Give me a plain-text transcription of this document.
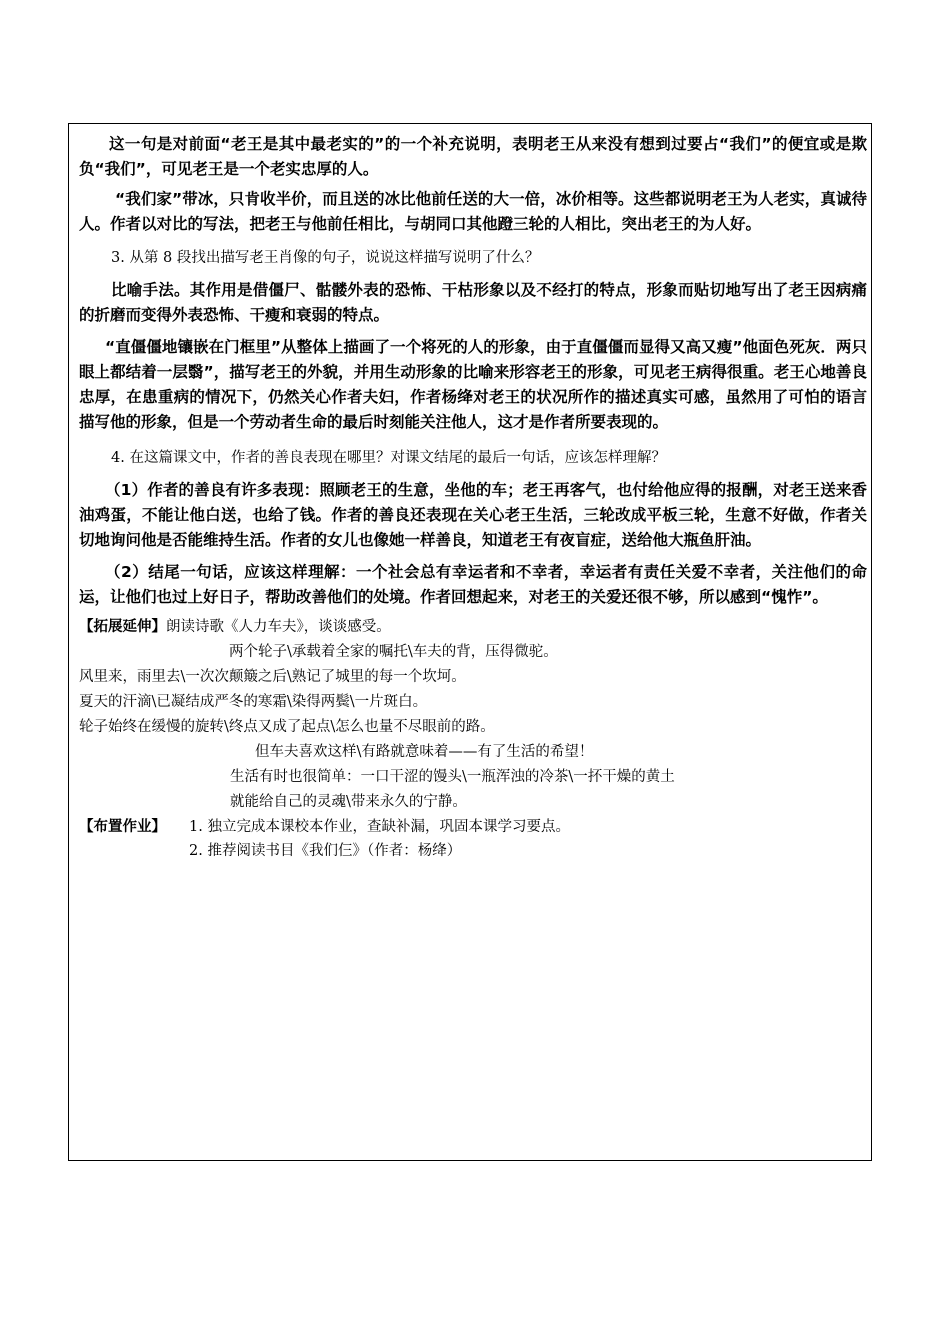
这一句是对前面“老王是其中最老实的”的一个补充说明，表明老王从来没有想到过要占“我们”的便宜或是欺负“我们”，可见老王是一个老实忠厚的人。

“我们家”带冰，只肯收半价，而且送的冰比他前任送的大一倍，冰价相等。这些都说明老王为人老实，真诚待人。作者以对比的写法，把老王与他前任相比，与胡同口其他蹬三轮的人相比，突出老王的为人好。

3. 从第 8 段找出描写老王肖像的句子，说说这样描写说明了什么？

比喻手法。其作用是借僵尸、骷髅外表的恐怖、干枯形象以及不经打的特点，形象而贴切地写出了老王因病痛的折磨而变得外表恐怖、干瘦和衰弱的特点。

“直僵僵地镶嵌在门框里”从整体上描画了一个将死的人的形象，由于直僵僵而显得又高又瘦”他面色死灰．两只眼上都结着一层翳”，描写老王的外貌，并用生动形象的比喻来形容老王的形象，可见老王病得很重。老王心地善良忠厚，在患重病的情况下，仍然关心作者夫妇，作者杨绛对老王的状况所作的描述真实可感，虽然用了可怕的语言描写他的形象，但是一个劳动者生命的最后时刻能关注他人，这才是作者所要表现的。

4. 在这篇课文中，作者的善良表现在哪里？对课文结尾的最后一句话，应该怎样理解？

（1）作者的善良有许多表现：照顾老王的生意，坐他的车；老王再客气，也付给他应得的报酬，对老王送来香油鸡蛋，不能让他白送，也给了钱。作者的善良还表现在关心老王生活，三轮改成平板三轮，生意不好做，作者关切地询问他是否能维持生活。作者的女儿也像她一样善良，知道老王有夜盲症，送给他大瓶鱼肝油。

（2）结尾一句话，应该这样理解：一个社会总有幸运者和不幸者，幸运者有责任关爱不幸者，关注他们的命运，让他们也过上好日子，帮助改善他们的处境。作者回想起来，对老王的关爱还很不够，所以感到“愧怍”。

【拓展延伸】朗读诗歌《人力车夫》，谈谈感受。

两个轮子\承载着全家的嘱托\车夫的背，压得微驼。

风里来，雨里去\一次次颠簸之后\熟记了城里的每一个坎坷。

夏天的汗滴\已凝结成严冬的寒霜\染得两鬓\一片斑白。

轮子始终在缓慢的旋转\终点又成了起点\怎么也量不尽眼前的路。

但车夫喜欢这样\有路就意味着——有了生活的希望！

生活有时也很简单：一口干涩的馒头\一瓶浑浊的冷茶\一抔干燥的黄土

就能给自己的灵魂\带来永久的宁静。

【布置作业】	1. 独立完成本课校本作业，查缺补漏，巩固本课学习要点。
2. 推荐阅读书目《我们仨》（作者：杨绛）
